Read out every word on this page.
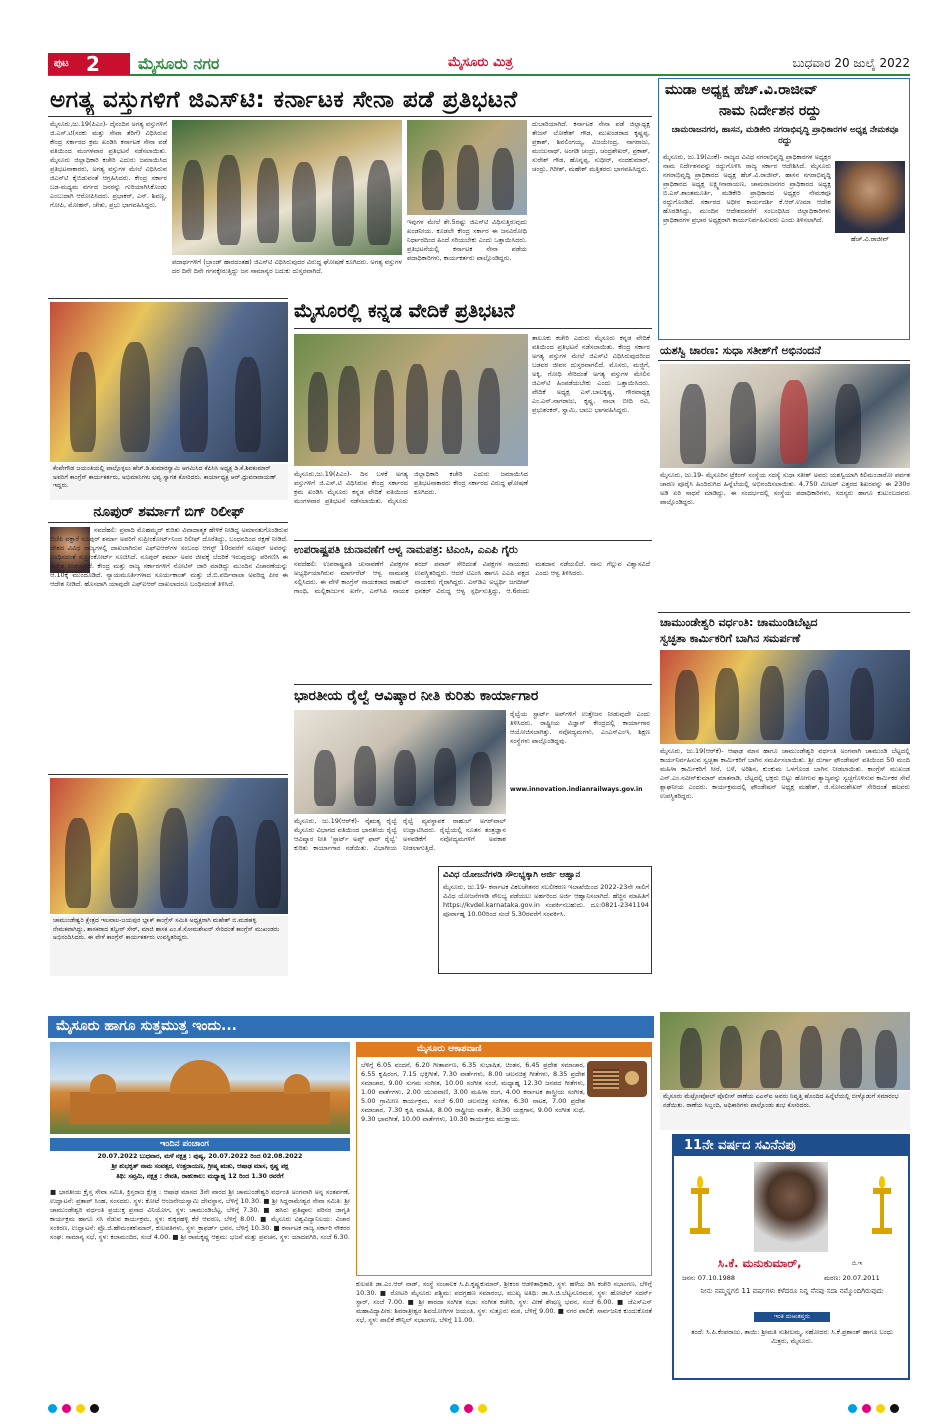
ಪುಟ 2 ಮೈಸೂರು ನಗರ	ಮೈಸೂರು ಮಿತ್ರ	ಬುಧವಾರ 20 ಜುಲೈ 2022
ಅಗತ್ಯ ವಸ್ತುಗಳಿಗೆ ಜಿಎಸ್‌ಟಿ: ಕರ್ನಾಟಕ ಸೇನಾ ಪಡೆ ಪ್ರತಿಭಟನೆ
ಮೈಸೂರು,ಜು.19(ಪಿಎಂ)- ದೈನಂದಿನ ಅಗತ್ಯ ವಸ್ತುಗಳಿಗೆ ಜಿ.ಎಸ್.ಟಿ(ಸರಕು ಮತ್ತು ಸೇವಾ ತೆರಿಗೆ) ವಿಧಿಸಿರುವ ಕೇಂದ್ರ ಸರ್ಕಾರದ ಕ್ರಮ ಖಂಡಿಸಿ ಕರ್ನಾಟಕ ಸೇನಾ ಪಡೆ ವತಿಯಿಂದ ಮಂಗಳವಾರ ಪ್ರತಿಭಟನೆ ನಡೆಸಲಾಯಿತು. ಮೈಸೂರು ಜಿಲ್ಲಾಧಿಕಾರಿ ಕಚೇರಿ ಎದುರು ಜಮಾಯಿಸಿದ ಪ್ರತಿಭಟನಾಕಾರರು, ಅಗತ್ಯ ವಸ್ತುಗಳ ಮೇಲೆ ವಿಧಿಸಿರುವ ಜಿಎಸ್‌ಟಿ ಕೈಬಿಡುವಂತೆ ಆಗ್ರಹಿಸಿದರು. ಕೇಂದ್ರ ಸರ್ಕಾರ ಬಡ-ಮಧ್ಯಮ ವರ್ಗದ ಜನರನ್ನು ಗುರಿಯಾಗಿಸಿಕೊಂಡು ಎಂಬುದಾಗಿ ಆರೋಪಿಸಿದರು. ಪ್ರಭಾಕರ್, ಎನ್. ಶಿವಣ್ಣ, ಗೋಪಿ, ಮೋಹನ್, ಚೇತು, ಪ್ರಭು ಭಾಗವಹಿಸಿದ್ದರು.
ಪದಾರ್ಥಗಳಿಗೆ (ಬ್ರಾಂಡ್ ಹಾರದಂತಹ) ಜಿಎಸ್‌ಟಿ ವಿಧಿಸಿರುವುದರ ವಿರುದ್ಧ ಘೋಷಣೆ ಕೂಗಿದರು. ಅಗತ್ಯ ವಸ್ತುಗಳ ದರ ದಿನೇ ದಿನೇ ಗಗನಕ್ಕೇರುತ್ತಿದ್ದು ಜನ ಸಾಮಾನ್ಯರ ಬದುಕು ದುಸ್ತರವಾಗಿದೆ.
ಇವುಗಳ ಮೇಲೆ ಶೇ.5ರಷ್ಟು ಜಿಎಸ್‌ಟಿ ವಿಧಿಸುತ್ತಿರುವುದು ಖಂಡನೀಯ. ಕೂಡಲೇ ಕೇಂದ್ರ ಸರ್ಕಾರ ಈ ಜನವಿರೋಧಿ ನಿರ್ಧಾರದಿಂದ ಹಿಂದೆ ಸರಿಯಬೇಕು ಎಂದು ಒತ್ತಾಯಿಸಿದರು. ಪ್ರತಿಭಟನೆಯಲ್ಲಿ ಕರ್ನಾಟಕ ಸೇನಾ ಪಡೆಯ ಪದಾಧಿಕಾರಿಗಳು, ಕಾರ್ಯಕರ್ತರು ಪಾಲ್ಗೊಂಡಿದ್ದರು.
ದುಬಾರಿಯಾಗಿದೆ. ಕರ್ನಾಟಕ ಸೇನಾ ಪಡೆ ಜಿಲ್ಲಾಧ್ಯಕ್ಷ ತೇಜಸ್ ಲೋಕೇಶ್ ಗೌಡ, ಮುಖಂಡರಾದ ಕೃಷ್ಣಪ್ಪ, ಪ್ರಕಾಶ್, ಶಿವಲಿಂಗಯ್ಯ, ವಿಜಯೇಂದ್ರ, ನಾಗರಾಜು, ಮಂಜುನಾಥ್, ಅಂಗಡಿ ಚಂದ್ರು, ಚಂದ್ರಶೇಖರ್, ಪ್ರಕಾಶ್, ಸುರೇಶ್ ಗೌಡ, ಹೊನ್ನಪ್ಪ, ಸುಧೀರ್, ನಂದಕುಮಾರ್, ಚಂದ್ರು, ಗಿರೀಶ್, ಮಹೇಶ್ ಮತ್ತಿತರರು ಭಾಗವಹಿಸಿದ್ದರು.
ಮುಡಾ ಅಧ್ಯಕ್ಷ ಹೆಚ್.ವಿ.ರಾಜೀವ್
ನಾಮ ನಿರ್ದೇಶನ ರದ್ದು
ಚಾಮರಾಜನಗರ, ಹಾಸನ, ಮಡಿಕೇರಿ ನಗರಾಭಿವೃದ್ಧಿ ಪ್ರಾಧಿಕಾರಗಳ ಅಧ್ಯಕ್ಷ ನೇಮಕವೂ ರದ್ದು
ಮೈಸೂರು, ಜು.19(ಎಂಕೆ)- ರಾಜ್ಯದ ವಿವಿಧ ನಗರಾಭಿವೃದ್ಧಿ ಪ್ರಾಧಿಕಾರಗಳ ಅಧ್ಯಕ್ಷರ ನಾಮ ನಿರ್ದೇಶನವನ್ನು ರದ್ದುಗೊಳಿಸಿ ರಾಜ್ಯ ಸರ್ಕಾರ ಆದೇಶಿಸಿದೆ. ಮೈಸೂರು ನಗರಾಭಿವೃದ್ಧಿ ಪ್ರಾಧಿಕಾರದ ಅಧ್ಯಕ್ಷ ಹೆಚ್.ವಿ.ರಾಜೀವ್, ಹಾಸನ ನಗರಾಭಿವೃದ್ಧಿ ಪ್ರಾಧಿಕಾರದ ಅಧ್ಯಕ್ಷ ಲಕ್ಷ್ಮೀನಾರಾಯಣ, ಚಾಮರಾಜನಗರ ಪ್ರಾಧಿಕಾರದ ಅಧ್ಯಕ್ಷ ಬಿ.ಎಸ್.ಶಾಂತಮೂರ್ತಿ, ಮಡಿಕೇರಿ ಪ್ರಾಧಿಕಾರದ ಅಧ್ಯಕ್ಷರ ನೇಮಕವೂ ರದ್ದುಗೊಂಡಿದೆ. ಸರ್ಕಾರದ ಅಧೀನ ಕಾರ್ಯದರ್ಶಿ ಕೆ.ಆರ್.ಉಮಾ ಆದೇಶ ಹೊರಡಿಸಿದ್ದು, ಮುಂದಿನ ಆದೇಶದವರೆಗೆ ಸಂಬಂಧಿಸಿದ ಜಿಲ್ಲಾಧಿಕಾರಿಗಳು ಪ್ರಾಧಿಕಾರಗಳ ಪ್ರಭಾರ ಅಧ್ಯಕ್ಷರಾಗಿ ಕಾರ್ಯನಿರ್ವಹಿಸುವರು ಎಂದು ತಿಳಿಸಲಾಗಿದೆ.
ಹೆಚ್.ವಿ.ರಾಜೀವ್
ಕೆಂಪೇಗೌಡ ಜಯಂತಿಯಲ್ಲಿ ಪಾಲ್ಗೊಳ್ಳಲು ಹೆಚ್.ಡಿ.ಕುಮಾರಸ್ವಾಮಿ ಆಗಮಿಸಿದ ಕೆಪಿಸಿಸಿ ಅಧ್ಯಕ್ಷ ಡಿ.ಕೆ.ಶಿವಕುಮಾರ್ ಅವರಿಗೆ ಕಾಂಗ್ರೆಸ್ ಕಾರ್ಯಕರ್ತರು, ಅಭಿಮಾನಿಗಳು ಭವ್ಯ ಸ್ವಾಗತ ಕೋರಿದರು. ಕಾರ್ಯಾಧ್ಯಕ್ಷ ಆರ್.ಧ್ರುವನಾರಾಯಣ್ ಇದ್ದರು.
ಮೈಸೂರಲ್ಲಿ ಕನ್ನಡ ವೇದಿಕೆ ಪ್ರತಿಭಟನೆ
ತಾಲೂಕು ಕಚೇರಿ ಎದುರು ಮೈಸೂರು ಕನ್ನಡ ವೇದಿಕೆ ವತಿಯಿಂದ ಪ್ರತಿಭಟನೆ ನಡೆಸಲಾಯಿತು. ಕೇಂದ್ರ ಸರ್ಕಾರ ಅಗತ್ಯ ವಸ್ತುಗಳ ಮೇಲೆ ಜಿಎಸ್‌ಟಿ ವಿಧಿಸಿರುವುದರಿಂದ ಬಡವರ ಜೀವನ ದುಸ್ತರವಾಗಲಿದೆ. ಮೊಸರು, ಮಜ್ಜಿಗೆ, ಅಕ್ಕಿ, ಗೋಧಿ ಸೇರಿದಂತೆ ಅಗತ್ಯ ವಸ್ತುಗಳ ಮೇಲಿನ ಜಿಎಸ್‌ಟಿ ಹಿಂಪಡೆಯಬೇಕು ಎಂದು ಒತ್ತಾಯಿಸಿದರು. ವೇದಿಕೆ ಅಧ್ಯಕ್ಷ ಎಸ್.ಬಾಲಕೃಷ್ಣ, ಗೌರವಾಧ್ಯಕ್ಷ ಎಂ.ಎನ್.ನಾಗರಾಜು, ಕೃಷ್ಣ, ನಾಲಾ ಬೀದಿ ರವಿ, ಪ್ರಭುಶಂಕರ್, ಸ್ವಾಮಿ, ಬಾಬು ಭಾಗವಹಿಸಿದ್ದರು.
ಮೈಸೂರು,ಜು.19(ಪಿಎಂ)- ದಿನ ಬಳಕೆ ಅಗತ್ಯ ವಸ್ತುಗಳಿಗೆ ಜಿ.ಎಸ್.ಟಿ ವಿಧಿಸಿರುವ ಕೇಂದ್ರ ಸರ್ಕಾರದ ಕ್ರಮ ಖಂಡಿಸಿ ಮೈಸೂರು ಕನ್ನಡ ವೇದಿಕೆ ವತಿಯಿಂದ ಮಂಗಳವಾರ ಪ್ರತಿಭಟನೆ ನಡೆಸಲಾಯಿತು. ಮೈಸೂರು ಜಿಲ್ಲಾಧಿಕಾರಿ ಕಚೇರಿ ಎದುರು ಜಮಾಯಿಸಿದ ಪ್ರತಿಭಟನಾಕಾರರು ಕೇಂದ್ರ ಸರ್ಕಾರದ ವಿರುದ್ಧ ಘೋಷಣೆ ಕೂಗಿದರು.
ಯಶಸ್ವಿ ಚಾರಣ: ಸುಧಾ ಸತೀಶ್‌ಗೆ ಅಭಿನಂದನೆ
ಮೈಸೂರು, ಜು.19- ಮೈಸೂರಿನ ಟ್ರೆಕಿಂಗ್ ಸಂಸ್ಥೆಯ ಸದಸ್ಯೆ ಸುಧಾ ಸತೀಶ್ ಅವರು ಯಶಸ್ವಿಯಾಗಿ ಕಿಲಿಮಂಜಾರೋ ಪರ್ವತ ಚಾರಣ ಪೂರೈಸಿ ಹಿಂದಿರುಗಿದ ಹಿನ್ನೆಲೆಯಲ್ಲಿ ಅಭಿನಂದಿಸಲಾಯಿತು. 4,750 ಮೀಟರ್ ಎತ್ತರದ ಶಿಖರವನ್ನು ಈ 230ರ ಅಡಿ ಏರಿ ಸಾಧನೆ ಮಾಡಿದ್ದು, ಈ ಸಂದರ್ಭದಲ್ಲಿ ಸಂಸ್ಥೆಯ ಪದಾಧಿಕಾರಿಗಳು, ಸದಸ್ಯರು ಹಾಗೂ ಕುಟುಂಬದವರು ಪಾಲ್ಗೊಂಡಿದ್ದರು.
ನೂಪುರ್ ಶರ್ಮಾಗೆ ಬಿಗ್ ರಿಲೀಫ್
ನವದೆಹಲಿ: ಪ್ರವಾದಿ ಮೊಹಮ್ಮದ್ ಕುರಿತು ವಿವಾದಾತ್ಮಕ ಹೇಳಿಕೆ ನೀಡಿದ್ದ ಅಮಾನತುಗೊಂಡಿರುವ ಬಿಜೆಪಿ ವಕ್ತಾರೆ ನೂಪುರ್ ಶರ್ಮಾ ಅವರಿಗೆ ಸುಪ್ರೀಂಕೋರ್ಟ್‌ನಿಂದ ರಿಲೀಫ್ ದೊರೆತಿದ್ದು, ಬಂಧನದಿಂದ ರಕ್ಷಣೆ ನೀಡಿದೆ. ದೇಶದ ವಿವಿಧ ರಾಜ್ಯಗಳಲ್ಲಿ ದಾಖಲಾಗಿರುವ ಎಫ್‌ಐಆರ್‌ಗಳ ಸಂಬಂಧ ಆಗಸ್ಟ್ 10ರವರೆಗೆ ನೂಪುರ್ ಅವರನ್ನು ಬಂಧಿಸದಂತೆ ಸುಪ್ರೀಂಕೋರ್ಟ್ ಸೂಚಿಸಿದೆ. ನೂಪುರ್ ಶರ್ಮಾ ಅವರ ಜೀವಕ್ಕೆ ಬೆದರಿಕೆ ಇರುವುದನ್ನು ಪರಿಗಣಿಸಿ ಈ ಆದೇಶ ನೀಡಲಾಗಿದೆ. ಕೇಂದ್ರ ಮತ್ತು ರಾಜ್ಯ ಸರ್ಕಾರಗಳಿಗೆ ನೋಟಿಸ್ ಜಾರಿ ಮಾಡಿದ್ದು ಮುಂದಿನ ವಿಚಾರಣೆಯನ್ನು ಆ.10ಕ್ಕೆ ಮುಂದೂಡಿದೆ. ನ್ಯಾಯಮೂರ್ತಿಗಳಾದ ಸೂರ್ಯಕಾಂತ್ ಮತ್ತು ಜೆ.ಬಿ.ಪರ್ದಿವಾಲಾ ಅವರಿದ್ದ ಪೀಠ ಈ ಆದೇಶ ನೀಡಿದೆ. ಹೊಸದಾಗಿ ಯಾವುದೇ ಎಫ್‌ಐಆರ್ ದಾಖಲಾದರೂ ಬಂಧಿಸದಂತೆ ತಿಳಿಸಿದೆ.
ಉಪರಾಷ್ಟ್ರಪತಿ ಚುನಾವಣೆಗೆ ಆಳ್ವ ನಾಮಪತ್ರ: ಟಿಎಂಸಿ, ಎಎಪಿ ಗೈರು
ನವದೆಹಲಿ: ಉಪರಾಷ್ಟ್ರಪತಿ ಚುನಾವಣೆಗೆ ವಿಪಕ್ಷಗಳ ಅಭ್ಯರ್ಥಿಯಾಗಿರುವ ಮಾರ್ಗರೆಟ್ ಆಳ್ವ ನಾಮಪತ್ರ ಸಲ್ಲಿಸಿದರು. ಈ ವೇಳೆ ಕಾಂಗ್ರೆಸ್ ನಾಯಕರಾದ ರಾಹುಲ್ ಗಾಂಧಿ, ಮಲ್ಲಿಕಾರ್ಜುನ ಖರ್ಗೆ, ಎನ್‌ಸಿಪಿ ನಾಯಕ ಶರದ್ ಪವಾರ್ ಸೇರಿದಂತೆ ವಿಪಕ್ಷಗಳ ನಾಯಕರು ಉಪಸ್ಥಿತರಿದ್ದರು. ಆದರೆ ಟಿಎಂಸಿ ಹಾಗೂ ಎಎಪಿ ಪಕ್ಷದ ನಾಯಕರು ಗೈರಾಗಿದ್ದರು. ಎನ್‌ಡಿಎ ಅಭ್ಯರ್ಥಿ ಜಗದೀಪ್ ಧನಕರ್ ವಿರುದ್ಧ ಆಳ್ವ ಸ್ಪರ್ಧಿಸುತ್ತಿದ್ದು, ಆ.6ರಂದು ಮತದಾನ ನಡೆಯಲಿದೆ. ನಾನು ಗೆಲ್ಲುವ ವಿಶ್ವಾಸವಿದೆ ಎಂದು ಆಳ್ವ ತಿಳಿಸಿದರು.
ಚಾಮುಂಡೇಶ್ವರಿ ವರ್ಧಂತಿ: ಚಾಮುಂಡಿಬೆಟ್ಟದ
ಸ್ವಚ್ಛತಾ ಕಾರ್ಮಿಕರಿಗೆ ಬಾಗಿನ ಸಮರ್ಪಣೆ
ಮೈಸೂರು, ಜು.19(ಆರ್‌ಕೆ)- ಆಷಾಢ ಮಾಸ ಹಾಗೂ ಚಾಮುಂಡೇಶ್ವರಿ ವರ್ಧಂತಿ ಅಂಗವಾಗಿ ಚಾಮುಂಡಿ ಬೆಟ್ಟದಲ್ಲಿ ಕಾರ್ಯನಿರ್ವಹಿಸುವ ಸ್ವಚ್ಛತಾ ಕಾರ್ಮಿಕರಿಗೆ ಬಾಗಿನ ಸಮರ್ಪಿಸಲಾಯಿತು. ಶ್ರೀ ದುರ್ಗಾ ಫೌಂಡೇಷನ್ ವತಿಯಿಂದ 50 ಮಂದಿ ಮಹಿಳಾ ಕಾರ್ಮಿಕರಿಗೆ ಸೀರೆ, ಬಳೆ, ಅರಿಶಿನ, ಕುಂಕುಮ ಒಳಗೊಂಡ ಬಾಗಿನ ನೀಡಲಾಯಿತು. ಕಾಂಗ್ರೆಸ್ ಮುಖಂಡ ಎನ್.ಎಂ.ನವೀನ್‌ಕುಮಾರ್ ಮಾತನಾಡಿ, ಬೆಟ್ಟದಲ್ಲಿ ಭಕ್ತರು ಬಿಟ್ಟು ಹೋಗುವ ತ್ಯಾಜ್ಯವನ್ನು ಸ್ವಚ್ಛಗೊಳಿಸುವ ಕಾರ್ಮಿಕರ ಸೇವೆ ಶ್ಲಾಘನೀಯ ಎಂದರು. ಕಾರ್ಯಕ್ರಮದಲ್ಲಿ ಫೌಂಡೇಷನ್ ಅಧ್ಯಕ್ಷ ಮಹೇಶ್, ಜಿ.ಸೋಮಶೇಖರ್ ಸೇರಿದಂತೆ ಹಲವರು ಉಪಸ್ಥಿತರಿದ್ದರು.
ಭಾರತೀಯ ರೈಲ್ವೆ ಆವಿಷ್ಕಾರ ನೀತಿ ಕುರಿತು ಕಾರ್ಯಾಗಾರ
ರೈಲ್ವೆಯ ಸ್ಟಾರ್ಟ್ ಅಪ್‌ಗಳಿಗೆ ಉತ್ತೇಜನ ನೀಡುವುದೇ ಎಂದು ತಿಳಿಸಿದರು. ರಾಷ್ಟ್ರೀಯ ವಿಜ್ಞಾನ್ ಕೇಂದ್ರದಲ್ಲಿ ಕಾರ್ಯಾಗಾರ ಆಯೋಜಿಸಲಾಗಿತ್ತು. ನವೋದ್ಯಮಗಳು, ಎಂಎಸ್‌ಎಂಇ, ಶಿಕ್ಷಣ ಸಂಸ್ಥೆಗಳು ಪಾಲ್ಗೊಂಡಿದ್ದವು.
www.innovation.indianrailways.gov.in
ಮೈಸೂರು, ಜು.19(ಆರ್‌ಕೆ)- ನೈಋತ್ಯ ರೈಲ್ವೆ ಮೈಸೂರು ವಿಭಾಗದ ವತಿಯಿಂದ ಭಾರತೀಯ ರೈಲ್ವೆ ಆವಿಷ್ಕಾರ ನೀತಿ 'ಸ್ಟಾರ್ಟ್ ಅಪ್ಸ್ ಫಾರ್ ರೈಲ್ವೆ' ಕುರಿತು ಕಾರ್ಯಾಗಾರ ನಡೆಯಿತು. ವಿಭಾಗೀಯ ರೈಲ್ವೆ ವ್ಯವಸ್ಥಾಪಕ ರಾಹುಲ್ ಅಗರ್‌ವಾಲ್ ಉದ್ಘಾಟಿಸಿದರು. ರೈಲ್ವೆಯಲ್ಲಿ ನೂತನ ತಂತ್ರಜ್ಞಾನ ಅಳವಡಿಕೆಗೆ ನವೋದ್ಯಮಗಳಿಗೆ ಅವಕಾಶ ನೀಡಲಾಗುತ್ತಿದೆ.
ಚಾಮುಂಡೇಶ್ವರಿ ಕ್ಷೇತ್ರದ ಇಲವಾಲ-ಜಯಪುರ ಬ್ಲಾಕ್ ಕಾಂಗ್ರೆಸ್ ಸಮಿತಿ ಅಧ್ಯಕ್ಷರಾಗಿ ಮಹೇಶ್ ಬಿ.ಮಡಹಳ್ಳಿ ನೇಮಕವಾಗಿದ್ದು, ಶಾಸಕರಾದ ತನ್ವೀರ್ ಸೇಠ್, ಮಾಜಿ ಶಾಸಕ ಎಂ.ಕೆ.ಸೋಮಶೇಖರ್ ಸೇರಿದಂತೆ ಕಾಂಗ್ರೆಸ್ ಮುಖಂಡರು ಅಭಿನಂದಿಸಿದರು. ಈ ವೇಳೆ ಕಾಂಗ್ರೆಸ್ ಕಾರ್ಯಕರ್ತರು ಉಪಸ್ಥಿತರಿದ್ದರು.
ವಿವಿಧ ಯೋಜನೆಗಳಡಿ ಸೌಲಭ್ಯಕ್ಕಾಗಿ ಅರ್ಜಿ ಆಹ್ವಾನ
ಮೈಸೂರು, ಜು.19- ಕರ್ನಾಟಕ ವಿಕಲಚೇತನರ ಸಬಲೀಕರಣ ಇಲಾಖೆಯಿಂದ 2022-23ನೇ ಸಾಲಿಗೆ ವಿವಿಧ ಯೋಜನೆಗಳಡಿ ಸೌಲಭ್ಯ ಪಡೆಯಲು ಅರ್ಹರಿಂದ ಅರ್ಜಿ ಆಹ್ವಾನಿಸಲಾಗಿದೆ. ಹೆಚ್ಚಿನ ಮಾಹಿತಿಗೆ https://kvdel.karnataka.gov.in ಸಂಪರ್ಕಿಸಬಹುದು. ದೂ:0821-2341194 ಪೂರ್ವಾಹ್ನ 10.00ರಿಂದ ಸಂಜೆ 5.30ರವರೆಗೆ ಸಂಪರ್ಕಿಸಿ.
ಮೈಸೂರು ಮೆಟ್ರೋಪೋಲ್ ಪೊಲೀಸ್ ಠಾಣೆಯ ಎಎಸ್‌ಐ ಅವರು ನಿವೃತ್ತಿ ಹೊಂದಿದ ಹಿನ್ನೆಲೆಯಲ್ಲಿ ಬೀಳ್ಕೊಡುಗೆ ಸಮಾರಂಭ ನಡೆಯಿತು. ಠಾಣೆಯ ಸಿಬ್ಬಂದಿ, ಅಧಿಕಾರಿಗಳು ಪಾಲ್ಗೊಂಡು ಶುಭ ಕೋರಿದರು.
ಮೈಸೂರು ಹಾಗೂ ಸುತ್ತಮುತ್ತ ಇಂದು...
ಮೈಸೂರು ಆಕಾಶವಾಣಿ
ಬೆಳಿಗ್ಗೆ 6.05 ವಂದನೆ, 6.20 ಗೀತಾರ್ಪಣ, 6.35 ಸುಭಾಷಿತ, ಚಿಂತನ, 6.45 ಪ್ರದೇಶ ಸಮಾಚಾರ, 6.55 ಕೃಷಿರಂಗ, 7.15 ಭಕ್ತಿಗೀತೆ, 7.30 ವಾರ್ತೆಗಳು, 8.00 ಚಲನಚಿತ್ರ ಗೀತೆಗಳು, 8.35 ಪ್ರದೇಶ ಸಮಾಚಾರ, 9.00 ಸುಗಮ ಸಂಗೀತ, 10.00 ಸಂಗೀತ ಸಂಜೆ, ಮಧ್ಯಾಹ್ನ 12.30 ಜನಪದ ಗೀತೆಗಳು, 1.00 ವಾರ್ತೆಗಳು, 2.00 ಯುವವಾಣಿ, 3.00 ಮಹಿಳಾ ರಂಗ, 4.00 ಕರ್ನಾಟಕ ಶಾಸ್ತ್ರೀಯ ಸಂಗೀತ, 5.00 ಗ್ರಾಮೀಣ ಕಾರ್ಯಕ್ರಮ, ಸಂಜೆ 6.00 ಚಲನಚಿತ್ರ ಸಂಗೀತ, 6.30 ನಾಟಕ, 7.00 ಪ್ರದೇಶ ಸಮಾಚಾರ, 7.30 ಕೃಷಿ ಮಾಹಿತಿ, 8.00 ರಾಷ್ಟ್ರೀಯ ವಾರ್ತೆ, 8.30 ಯಕ್ಷಗಾನ, 9.00 ಸಂಗೀತ ಸುಧೆ, 9.30 ಭಾವಗೀತೆ, 10.00 ವಾರ್ತೆಗಳು, 10.30 ಕಾರ್ಯಕ್ರಮ ಮುಕ್ತಾಯ.
ಇಂದಿನ ಪಂಚಾಂಗ
20.07.2022 ಬುಧವಾರ, ಮಳೆ ನಕ್ಷತ್ರ : ಪುಷ್ಯ, 20.07.2022 ರಿಂದ 02.08.2022
ಶ್ರೀ ಶುಭಕೃತ್ ನಾಮ ಸಂವತ್ಸರ, ಉತ್ತರಾಯಣ, ಗ್ರೀಷ್ಮ ಋತು, ಆಷಾಢ ಮಾಸ, ಕೃಷ್ಣ ಪಕ್ಷ
ತಿಥಿ: ಸಪ್ತಮಿ, ನಕ್ಷತ್ರ : ರೇವತಿ, ರಾಹುಕಾಲ: ಮಧ್ಯಾಹ್ನ 12 ರಿಂದ 1.30 ರವರೆಗೆ
■ ಭಾರತೀಯ ಕ್ರೈಸ್ತ ಸೇವಾ ಸಮಿತಿ, ಕ್ರಿಸ್ತರಾಜ ಕ್ಷೇತ್ರ : ಆಷಾಢ ಮಾಸದ 3ನೇ ವಾರದ ಶ್ರೀ ಚಾಮುಂಡೇಶ್ವರಿ ವರ್ಧಂತಿ ಅಂಗವಾಗಿ ಅನ್ನ ಸಂತರ್ಪಣೆ, ಉದ್ಘಾಟನೆ: ಪ್ರತಾಪ್ ಸಿಂಹ, ಸಂಸದರು. ಸ್ಥಳ: ಕೋಟೆ ಆಂಜನೇಯಸ್ವಾಮಿ ದೇವಸ್ಥಾನ, ಬೆಳಿಗ್ಗೆ 10.30. ■ ಶ್ರೀ ಸಿದ್ದರಾಮೇಶ್ವರ ಸೇವಾ ಸಮಿತಿ: ಶ್ರೀ ಚಾಮುಂಡೇಶ್ವರಿ ವರ್ಧಂತಿ ಪ್ರಯುಕ್ತ ಪ್ರಸಾದ ವಿನಿಯೋಗ, ಸ್ಥಳ: ಚಾಮುಂಡಿಬೆಟ್ಟ, ಬೆಳಿಗ್ಗೆ 7.30. ■ ಹಸಿರು ಪ್ರತಿಷ್ಠಾನ: ಪರಿಸರ ಜಾಗೃತಿ ಕಾರ್ಯಕ್ರಮ ಹಾಗೂ ಸಸಿ ನೆಡುವ ಕಾರ್ಯಕ್ರಮ, ಸ್ಥಳ: ಕುಕ್ಕರಹಳ್ಳಿ ಕೆರೆ ಆವರಣ, ಬೆಳಿಗ್ಗೆ 8.00. ■ ಮೈಸೂರು ವಿಶ್ವವಿದ್ಯಾನಿಲಯ: ವಿಚಾರ ಸಂಕಿರಣ, ಉದ್ಘಾಟನೆ: ಪ್ರೊ.ಜಿ.ಹೇಮಂತಕುಮಾರ್, ಕುಲಪತಿಗಳು, ಸ್ಥಳ: ಕ್ರಾಫರ್ಡ್ ಭವನ, ಬೆಳಿಗ್ಗೆ 10.30. ■ ಕರ್ನಾಟಕ ರಾಜ್ಯ ಸರ್ಕಾರಿ ನೌಕರರ ಸಂಘ: ಸಾಮಾನ್ಯ ಸಭೆ, ಸ್ಥಳ: ಕಲಾಮಂದಿರ, ಸಂಜೆ 4.00. ■ ಶ್ರೀ ರಾಮಕೃಷ್ಣ ಆಶ್ರಮ: ಭಜನೆ ಮತ್ತು ಪ್ರವಚನ, ಸ್ಥಳ: ಯಾದವಗಿರಿ, ಸಂಜೆ 6.30.
ಕುಲಪತಿ ಡಾ.ಎಂ.ಆರ್ ನಾಡ್, ಸಂಸ್ಥೆ ಸಂಚಾಲಕ ಸಿ.ಪಿ.ಕೃಷ್ಣಕುಮಾರ್, ಶ್ರೀಕಂಠ ಆಡಳಿತಾಧಿಕಾರಿ, ಸ್ಥಳ: ಹಳೆಯ ಡಿಸಿ ಕಚೇರಿ ಸಭಾಂಗಣ, ಬೆಳಿಗ್ಗೆ 10.30. ■ ರೋಟರಿ ಮೈಸೂರು ಪಶ್ಚಿಮ: ಪದಗ್ರಹಣ ಸಮಾರಂಭ, ಮುಖ್ಯ ಅತಿಥಿ: ಡಾ.ಸಿ.ಜಿ.ಬೆಟ್ಟಸೂರಮಠ, ಸ್ಥಳ: ಹೋಟೆಲ್ ಸದರ್ನ್ ಸ್ಟಾರ್, ಸಂಜೆ 7.00. ■ ಶ್ರೀ ಶಾರದಾ ಸಂಗೀತ ಸಭಾ: ಸಂಗೀತ ಕಚೇರಿ, ಸ್ಥಳ: ವೀಣೆ ಶೇಷಣ್ಣ ಭವನ, ಸಂಜೆ 6.00. ■ ಜೆಎಸ್‌ಎಸ್ ಮಹಾವಿದ್ಯಾಪೀಠ: ಶಿವರಾತ್ರೀಶ್ವರ ಶಿವಯೋಗಿಗಳ ಜಯಂತಿ, ಸ್ಥಳ: ಸುತ್ತೂರು ಮಠ, ಬೆಳಿಗ್ಗೆ 9.00. ■ ನಗರ ಪಾಲಿಕೆ: ಸಾರ್ವಜನಿಕ ಕುಂದುಕೊರತೆ ಸಭೆ, ಸ್ಥಳ: ಪಾಲಿಕೆ ಕೌನ್ಸಿಲ್ ಸಭಾಂಗಣ, ಬೆಳಿಗ್ಗೆ 11.00.
11ನೇ ವರ್ಷದ ಸವಿನೆನಪು
ಸಿ.ಕೆ. ಮನುಕುಮಾರ್,	ಬಿ.ಇ
ಜನನ: 07.10.1988	ಮರಣ: 20.07.2011
ನೀನು ನಮ್ಮನ್ನಗಲಿ 11 ವರ್ಷಗಳು ಕಳೆದರೂ ನಿನ್ನ ನೆನಪು ಸದಾ ನಮ್ಮೊಂದಿಗಿರುವುದು
ಇಂತಿ ದುಃಖತಪ್ತರು
ತಂದೆ: ಸಿ.ಪಿ.ಕೆಂಪರಾಜು, ತಾಯಿ: ಶ್ರೀಮತಿ ಸುಶೀಲಮ್ಮ, ಸಹೋದರ: ಸಿ.ಕೆ.ಪ್ರಶಾಂತ್ ಹಾಗೂ ಬಂಧು ಮಿತ್ರರು, ಮೈಸೂರು.
